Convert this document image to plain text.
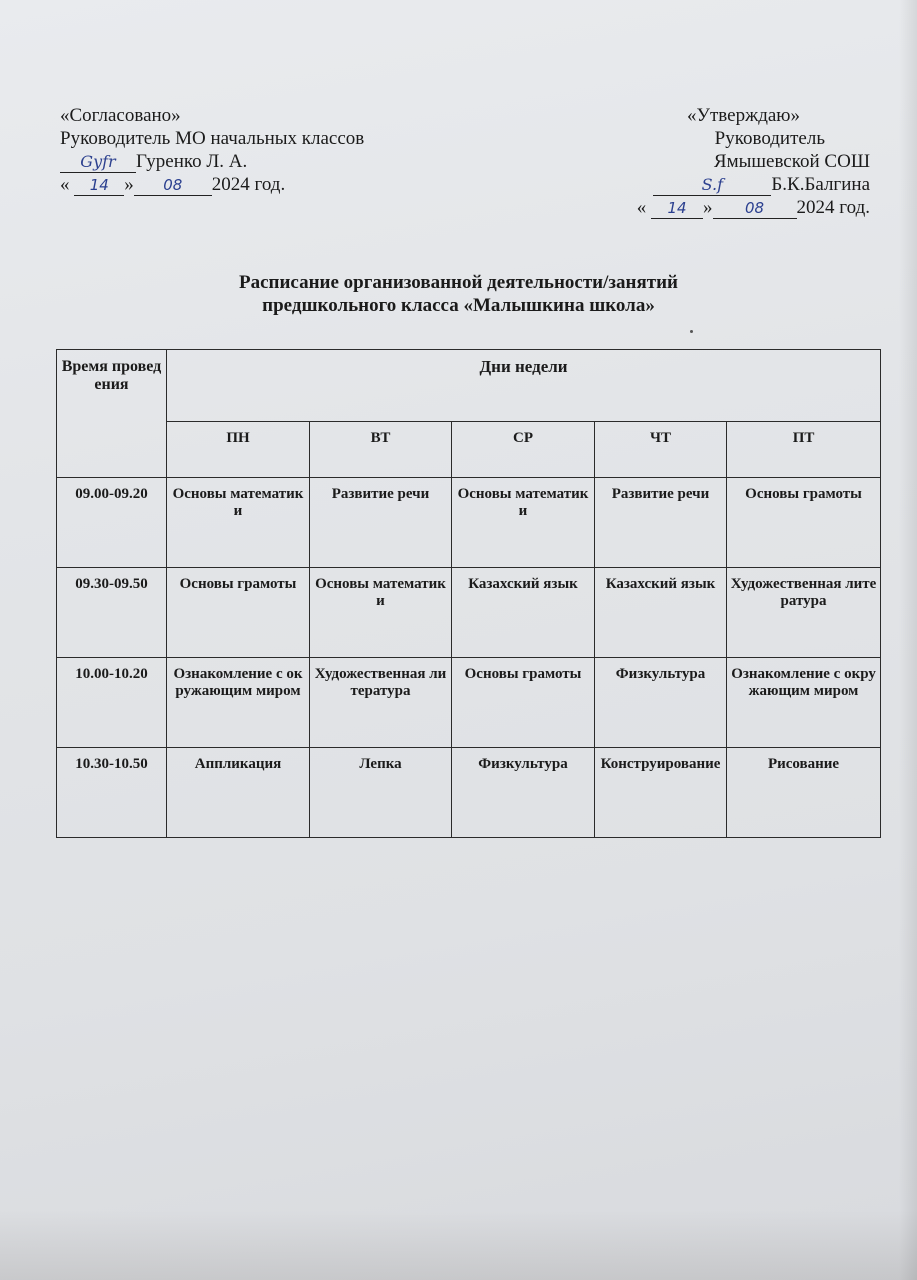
«Согласовано»
Руководитель МО начальных классов
Gyfr Гуренко Л. А.
« 14 » 08 2024 год.
«Утверждаю»
Руководитель
Ямышевской СОШ
S.f	Б.К.Балгина
« 14 » 08 2024 год.
Расписание организованной деятельности/занятий
предшкольного класса «Малышкина школа»
Время проведения	Дни недели				
	ПН	ВТ	СР	ЧТ	ПТ
09.00-09.20	Основы математики	Развитие речи	Основы математики	Развитие речи	Основы грамоты
09.30-09.50	Основы грамоты	Основы математики	Казахский язык	Казахский язык	Художественная литература
10.00-10.20	Ознакомление с окружающим миром	Художественная литература	Основы грамоты	Физкультура	Ознакомление с окружающим миром
10.30-10.50	Аппликация	Лепка	Физкультура	Конструирование	Рисование
